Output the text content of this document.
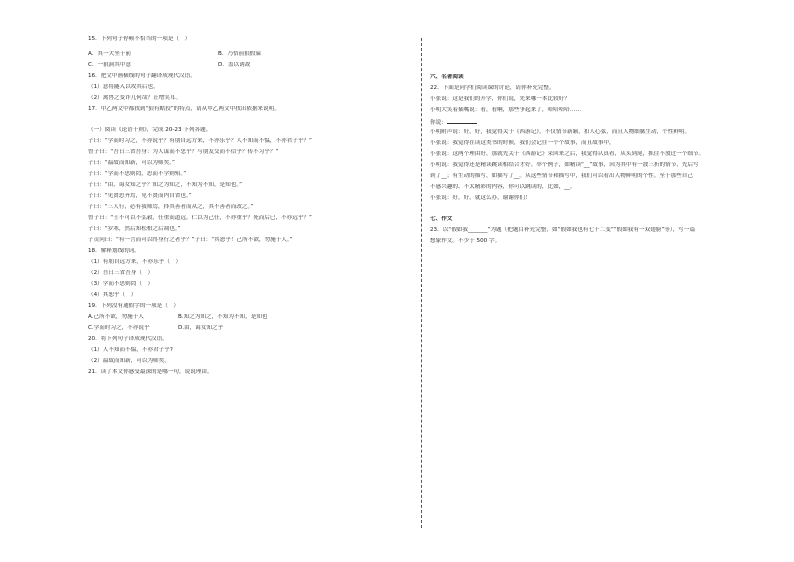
15．下列句子停顿不恰当的一项是（　）
A．其一犬坐于前	B．乃悟前狼假寐
C．一狼洞其中意	D．盖以诱敌
16．把文中画横线的句子翻译成现代汉语。
（1）意将隧入以攻其后也。
（2）禽兽之变诈几何哉？止增笑耳。
17．甲乙两文中都找到“狼有黠狡”的特点，请从甲乙两文中找出依据来说明。
（一）阅读《论语十则》，完成 20-23 下列各题。
子曰：“学而时习之，不亦说乎？有朋自远方来，不亦乐乎？人不知而不愠，不亦君子乎？”
曾子曰：“吾日三省吾身：为人谋而不忠乎？与朋友交而不信乎？传不习乎？”
子曰：“温故而知新，可以为师矣。”
子曰：“学而不思则罔，思而不学则殆。”
子曰：“由，诲女知之乎？知之为知之，不知为不知，是知也。”
子曰：“见贤思齐焉，见不贤而内自省也。”
子曰：“三人行，必有我师焉，择其善者而从之，其不善者而改之。”
曾子曰：“士不可以不弘毅，任重而道远。仁以为己任，不亦重乎？死而后已，不亦远乎？”
子曰：“岁寒，然后知松柏之后凋也。”
子贡问曰：“有一言而可以终身行之者乎？”子曰：“其恕乎！己所不欲，勿施于人。”
18．解释划线的词。
（1）有朋自远方来，不亦乐乎（　）
（2）吾日三省吾身（　）
（3）学而不思则罔（　）
（4）其恕乎（　）
19．下列没有通假字的一项是（　）
A.己所不欲，勿施于人	B.知之为知之，不知为不知，是知也
C.学而时习之，不亦说乎	D.由，诲女知之乎
20．将下列句子译成现代汉语。
（1）人不知而不愠，不亦君子乎?
（2）温故而知新，可以为师矣。
21．读了本文你感受最深的是哪一句，说说理由。
六、名著阅读
22．下面是同学们阅读课的讨论，请你补充完整。
小张说：这是我们的开学，你们说，先来哪一本比较好？
小明大笑着插嘴说：看，看啊，那些争起来了，哈哈哈哈……
你说：
小明附声说：好，好，我觉得关于《西游记》，不仅情节新颖，扣人心弦，而且人物细腻生动，个性鲜明。
小张说：我觉得在读这类书的时候，我们会记住一个个故事，而且故事中，
小张说：这两个理由好，那就先关于《西游记》采回来之后，我觉得认真看，从头到尾，抓住不放过一个细节。
小明说：我觉得还是精读跳读相结合才好。举个例子，如精读“__”故事，因为其中有一波三折的情节，先后写
到了__；有生动的描写，如描写了__。从这些情节和描写中，我们可以看出人物鲜明的个性。至于那些自己
不感兴趣的、不太精彩的内容，你可以跳读的，比如，__。
小张说：好，好，就这么办，谢谢你们！
七、作文
23．以“假如我_______”为题（把题目补充完整，如“假如我也有七十二变”“假如我有一双翅膀”等），写一篇
想象作文。不少于 500 字。
